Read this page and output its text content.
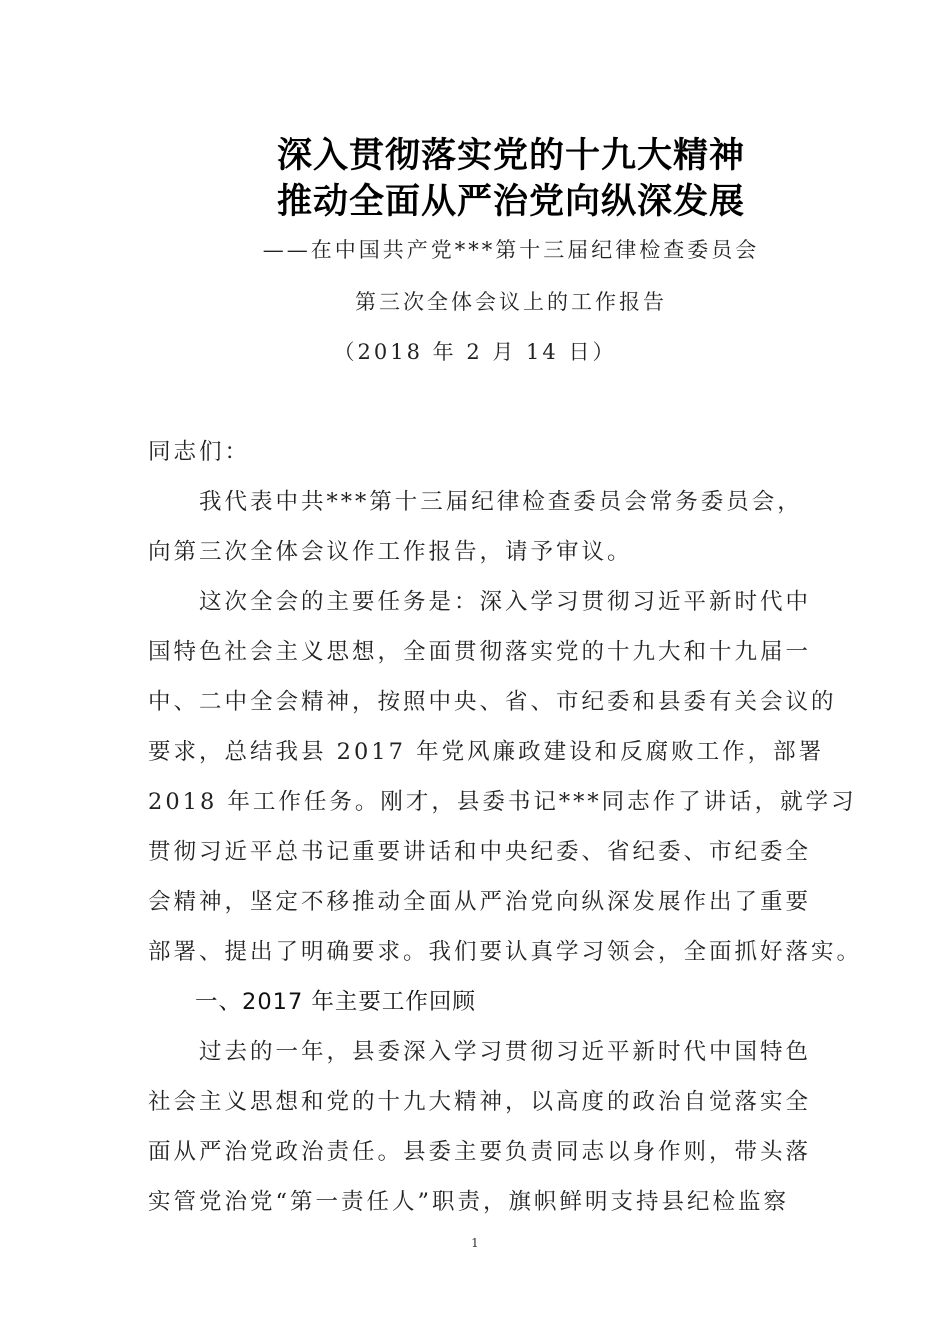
深入贯彻落实党的十九大精神
推动全面从严治党向纵深发展
——在中国共产党***第十三届纪律检查委员会
第三次全体会议上的工作报告
（2018 年 2 月 14 日）
同志们：
　　我代表中共***第十三届纪律检查委员会常务委员会，
向第三次全体会议作工作报告，请予审议。
　　这次全会的主要任务是：深入学习贯彻习近平新时代中
国特色社会主义思想，全面贯彻落实党的十九大和十九届一
中、二中全会精神，按照中央、省、市纪委和县委有关会议的
要求，总结我县 2017 年党风廉政建设和反腐败工作，部署
2018 年工作任务。刚才，县委书记***同志作了讲话，就学习
贯彻习近平总书记重要讲话和中央纪委、省纪委、市纪委全
会精神，坚定不移推动全面从严治党向纵深发展作出了重要
部署、提出了明确要求。我们要认真学习领会，全面抓好落实。
一、2017 年主要工作回顾
　　过去的一年，县委深入学习贯彻习近平新时代中国特色
社会主义思想和党的十九大精神，以高度的政治自觉落实全
面从严治党政治责任。县委主要负责同志以身作则，带头落
实管党治党“第一责任人”职责，旗帜鲜明支持县纪检监察
1
